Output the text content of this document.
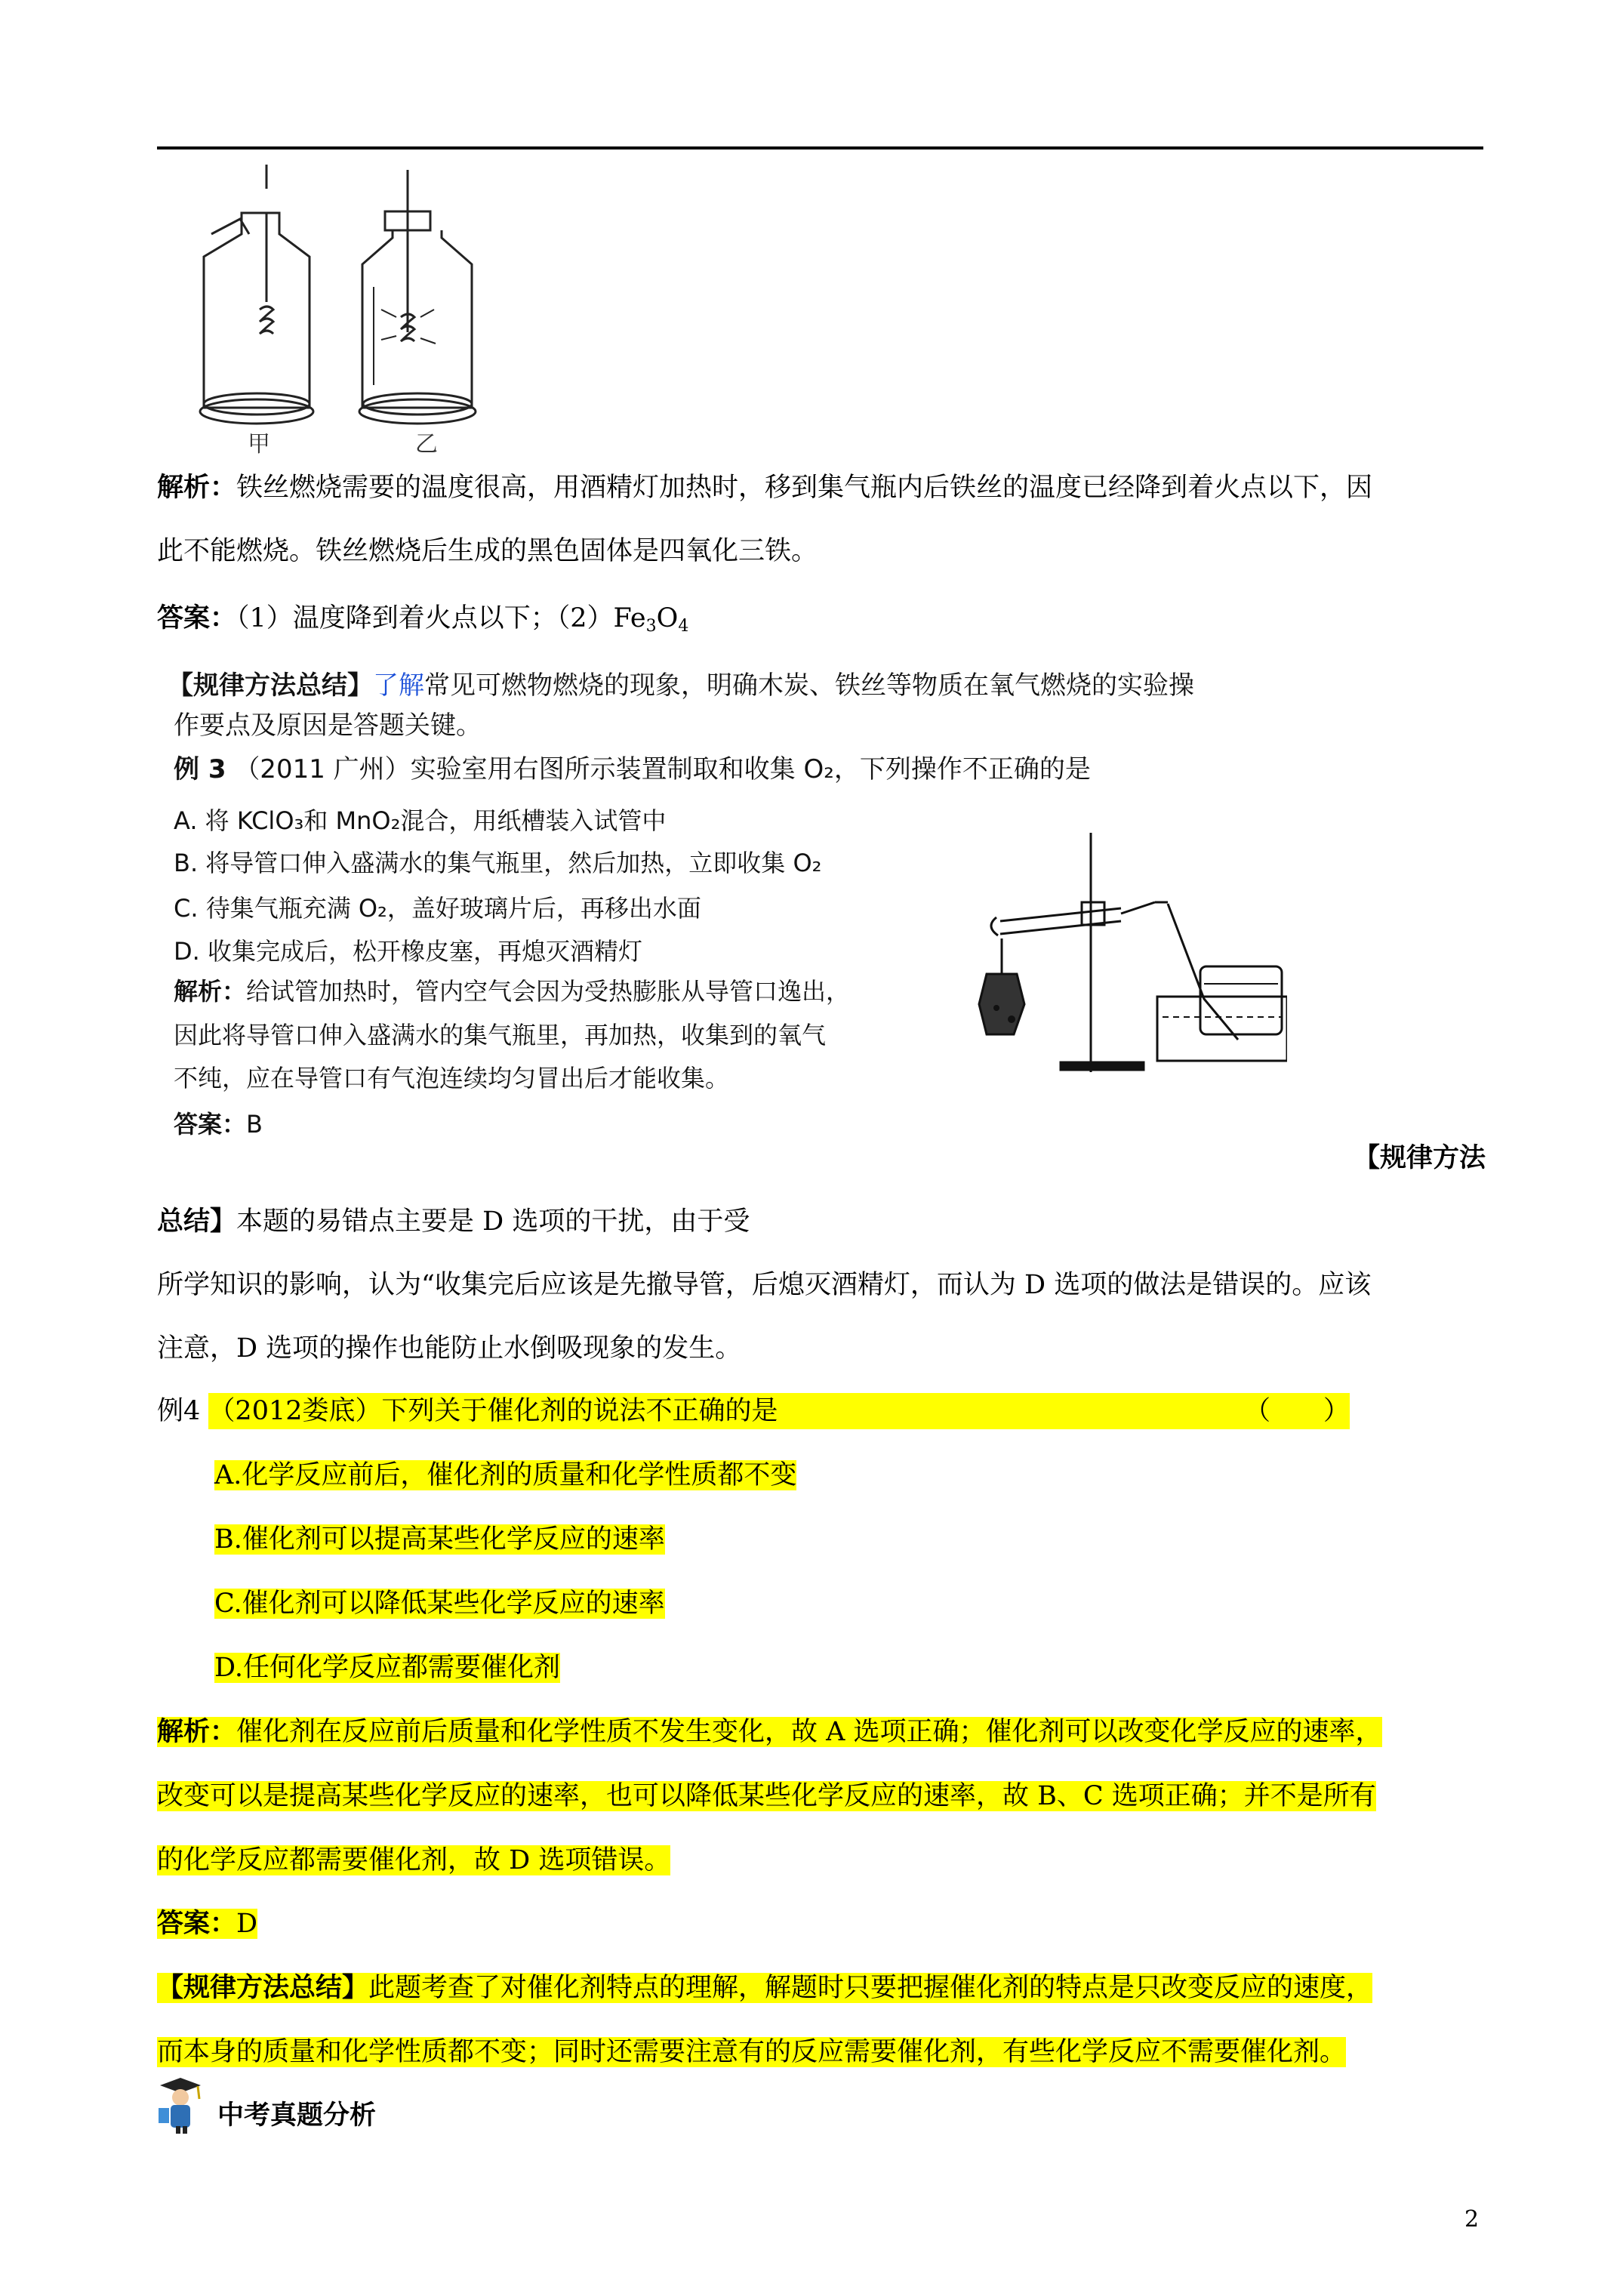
甲	乙
解析：铁丝燃烧需要的温度很高，用酒精灯加热时，移到集气瓶内后铁丝的温度已经降到着火点以下，因
此不能燃烧。铁丝燃烧后生成的黑色固体是四氧化三铁。
答案：（1）温度降到着火点以下；$(2)Fe_3O_4$
【规律方法总结】了解常见可燃物燃烧的现象，明确木炭、铁丝等物质在氧气燃烧的实验操
作要点及原因是答题关键。
例 3 （2011 广州）实验室用右图所示装置制取和收集 O₂，下列操作不正确的是
A. 将 KClO₃和 MnO₂混合，用纸槽装入试管中
B. 将导管口伸入盛满水的集气瓶里，然后加热，立即收集 O₂
C. 待集气瓶充满 O₂，盖好玻璃片后，再移出水面
D. 收集完成后，松开橡皮塞，再熄灭酒精灯
解析：给试管加热时，管内空气会因为受热膨胀从导管口逸出，
因此将导管口伸入盛满水的集气瓶里，再加热，收集到的氧气
不纯，应在导管口有气泡连续均匀冒出后才能收集。
答案：B
【规律方法
总结】本题的易错点主要是 D 选项的干扰，由于受
所学知识的影响，认为“收集完后应该是先撤导管，后熄灭酒精灯，而认为 D 选项的做法是错误的。应该
注意，D 选项的操作也能防止水倒吸现象的发生。
例4 （2012娄底）下列关于催化剂的说法不正确的是	（　　）
A.化学反应前后，催化剂的质量和化学性质都不变
B.催化剂可以提高某些化学反应的速率
C.催化剂可以降低某些化学反应的速率
D.任何化学反应都需要催化剂
解析：催化剂在反应前后质量和化学性质不发生变化，故 A 选项正确；催化剂可以改变化学反应的速率，
改变可以是提高某些化学反应的速率，也可以降低某些化学反应的速率，故 B、C 选项正确；并不是所有
的化学反应都需要催化剂，故 D 选项错误。
答案：D
【规律方法总结】此题考查了对催化剂特点的理解，解题时只要把握催化剂的特点是只改变反应的速度，
而本身的质量和化学性质都不变；同时还需要注意有的反应需要催化剂，有些化学反应不需要催化剂。
中考真题分析
2
